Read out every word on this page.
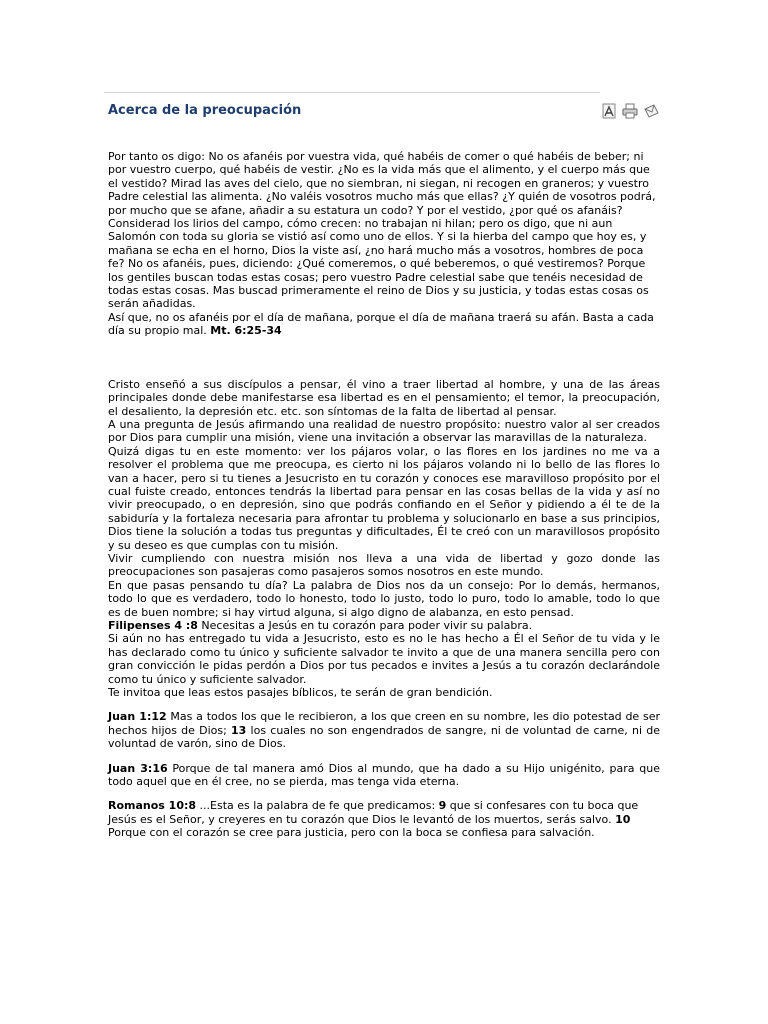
Acerca de la preocupación

Por tanto os digo: No os afanéis por vuestra vida, qué habéis de comer o qué habéis de beber; ni por vuestro cuerpo, qué habéis de vestir. ¿No es la vida más que el alimento, y el cuerpo más que el vestido? Mirad las aves del cielo, que no siembran, ni siegan, ni recogen en graneros; y vuestro Padre celestial las alimenta. ¿No valéis vosotros mucho más que ellas? ¿Y quién de vosotros podrá, por mucho que se afane, añadir a su estatura un codo? Y por el vestido, ¿por qué os afanáis? Considerad los lirios del campo, cómo crecen: no trabajan ni hilan; pero os digo, que ni aun Salomón con toda su gloria se vistió así como uno de ellos. Y si la hierba del campo que hoy es, y mañana se echa en el horno, Dios la viste así, ¿no hará mucho más a vosotros, hombres de poca fe? No os afanéis, pues, diciendo: ¿Qué comeremos, o qué beberemos, o qué vestiremos? Porque los gentiles buscan todas estas cosas; pero vuestro Padre celestial sabe que tenéis necesidad de todas estas cosas. Mas buscad primeramente el reino de Dios y su justicia, y todas estas cosas os serán añadidas.
Así que, no os afanéis por el día de mañana, porque el día de mañana traerá su afán. Basta a cada día su propio mal. Mt. 6:25-34

Cristo enseñó a sus discípulos a pensar, él vino a traer libertad al hombre, y una de las áreas principales donde debe manifestarse esa libertad es en el pensamiento; el temor, la preocupación, el desaliento, la depresión etc. etc. son síntomas de la falta de libertad al pensar.
A una pregunta de Jesús afirmando una realidad de nuestro propósito: nuestro valor al ser creados por Dios para cumplir una misión, viene una invitación a observar las maravillas de la naturaleza.
Quizá digas tu en este momento: ver los pájaros volar, o las flores en los jardines no me va a resolver el problema que me preocupa, es cierto ni los pájaros volando ni lo bello de las flores lo van a hacer, pero si tu tienes a Jesucristo en tu corazón y conoces ese maravilloso propósito por el cual fuiste creado, entonces tendrás la libertad para pensar en las cosas bellas de la vida y así no vivir preocupado, o en depresión, sino que podrás confiando en el Señor y pidiendo a él te de la sabiduría y la fortaleza necesaria para afrontar tu problema y solucionarlo en base a sus principios, Dios tiene la solución a todas tus preguntas y dificultades, Él te creó con un maravillosos propósito y su deseo es que cumplas con tu misión.
Vivir cumpliendo con nuestra misión nos lleva a una vida de libertad y gozo donde las preocupaciones son pasajeras como pasajeros somos nosotros en este mundo.
En que pasas pensando tu día? La palabra de Dios nos da un consejo: Por lo demás, hermanos, todo lo que es verdadero, todo lo honesto, todo lo justo, todo lo puro, todo lo amable, todo lo que es de buen nombre; si hay virtud alguna, si algo digno de alabanza, en esto pensad.
Filipenses 4 :8 Necesitas a Jesús en tu corazón para poder vivir su palabra.
Si aún no has entregado tu vida a Jesucristo, esto es no le has hecho a Él el Señor de tu vida y le has declarado como tu único y suficiente salvador te invito a que de una manera sencilla pero con gran convicción le pidas perdón a Dios por tus pecados e invites a Jesús a tu corazón declarándole como tu único y suficiente salvador.
Te invitoa que leas estos pasajes bíblicos, te serán de gran bendición.

Juan 1:12 Mas a todos los que le recibieron, a los que creen en su nombre, les dio potestad de ser hechos hijos de Dios; 13 los cuales no son engendrados de sangre, ni de voluntad de carne, ni de voluntad de varón, sino de Dios.

Juan 3:16 Porque de tal manera amó Dios al mundo, que ha dado a su Hijo unigénito, para que todo aquel que en él cree, no se pierda, mas tenga vida eterna.

Romanos 10:8 ...Esta es la palabra de fe que predicamos: 9 que si confesares con tu boca que Jesús es el Señor, y creyeres en tu corazón que Dios le levantó de los muertos, serás salvo. 10 Porque con el corazón se cree para justicia, pero con la boca se confiesa para salvación.
